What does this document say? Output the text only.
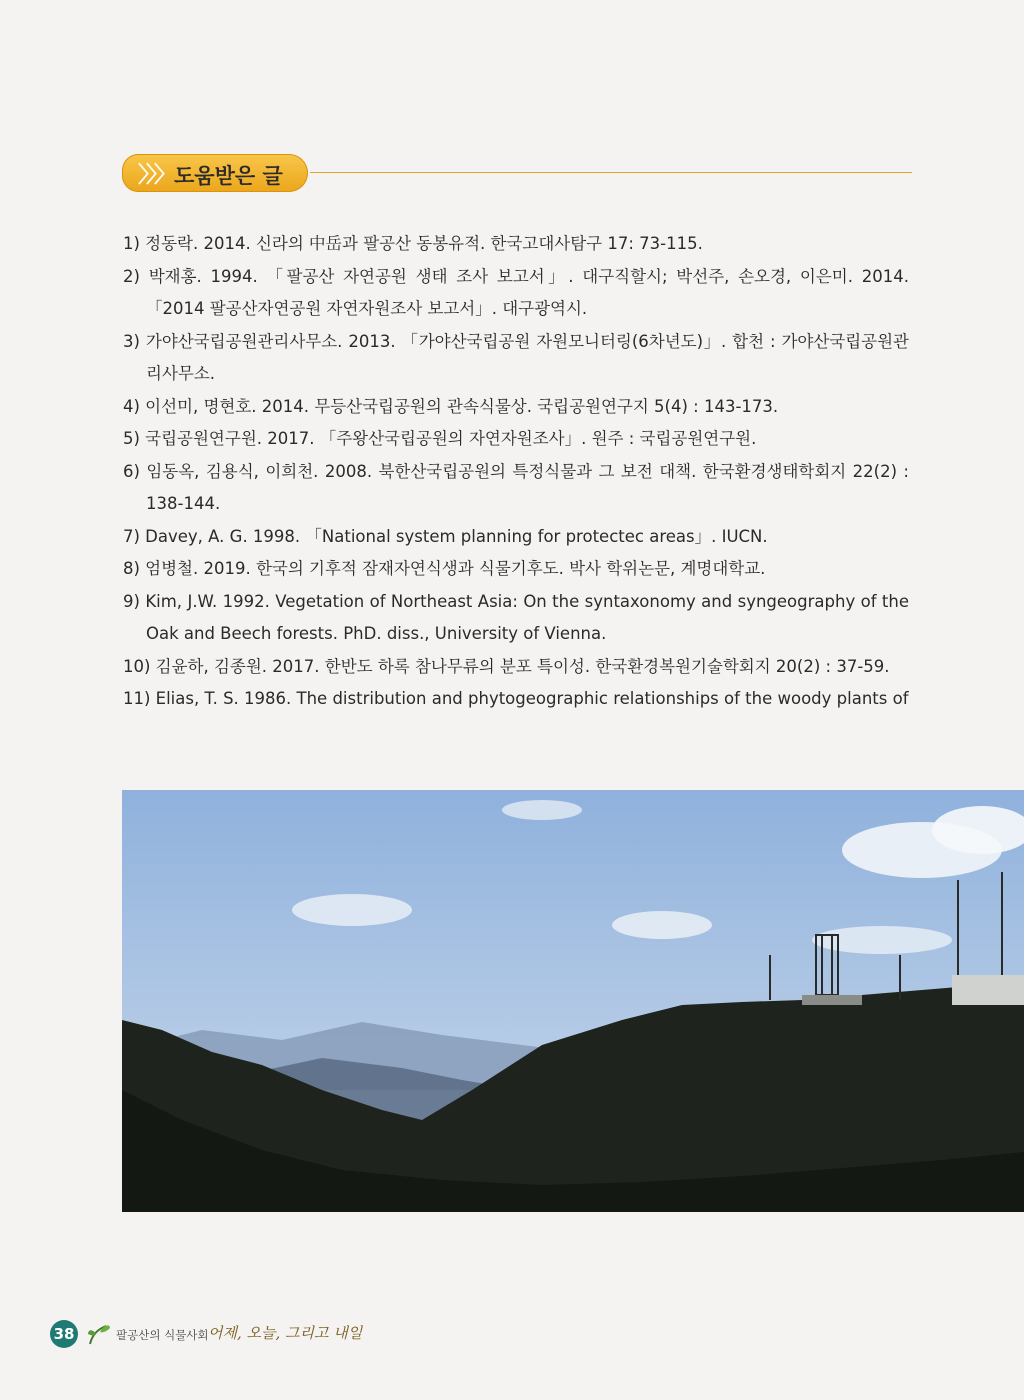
〉〉〉 도움받은 글
1) 정동락. 2014. 신라의 中岳과 팔공산 동봉유적. 한국고대사탐구 17: 73-115.
2) 박재홍. 1994. 「팔공산 자연공원 생태 조사 보고서」. 대구직할시; 박선주, 손오경, 이은미. 2014. 「2014 팔공산자연공원 자연자원조사 보고서」. 대구광역시.
3) 가야산국립공원관리사무소. 2013. 「가야산국립공원 자원모니터링(6차년도)」. 합천 : 가야산국립공원관리사무소.
4) 이선미, 명현호. 2014. 무등산국립공원의 관속식물상. 국립공원연구지 5(4) : 143-173.
5) 국립공원연구원. 2017. 「주왕산국립공원의 자연자원조사」. 원주 : 국립공원연구원.
6) 임동옥, 김용식, 이희천. 2008. 북한산국립공원의 특정식물과 그 보전 대책. 한국환경생태학회지 22(2) : 138-144.
7) Davey, A. G. 1998. 「National system planning for protectec areas」. IUCN.
8) 엄병철. 2019. 한국의 기후적 잠재자연식생과 식물기후도. 박사 학위논문, 계명대학교.
9) Kim, J.W. 1992. Vegetation of Northeast Asia: On the syntaxonomy and syngeography of the Oak and Beech forests. PhD. diss., University of Vienna.
10) 김윤하, 김종원. 2017. 한반도 하록 참나무류의 분포 특이성. 한국환경복원기술학회지 20(2) : 37-59.
11) Elias, T. S. 1986. The distribution and phytogeographic relationships of the woody plants of
38	팔공산의 식물사회 어제, 오늘, 그리고 내일
